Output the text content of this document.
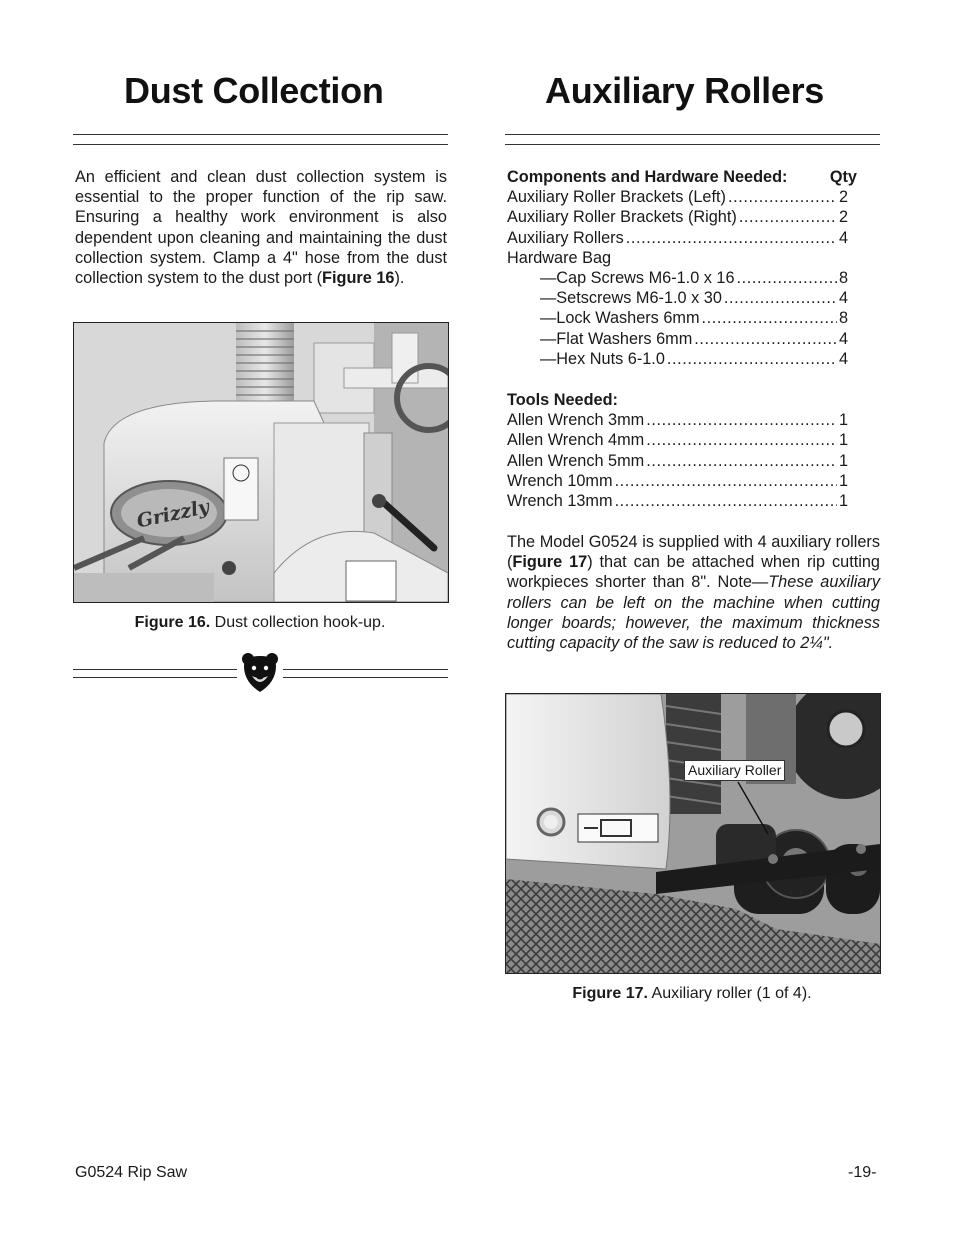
Dust Collection	Auxiliary Rollers
An efficient and clean dust collection system is essential to the proper function of the rip saw. Ensuring a healthy work environment is also dependent upon cleaning and maintaining the dust collection system. Clamp a 4" hose from the dust collection system to the dust port (Figure 16).
Grizzly
Figure 16. Dust collection hook-up.
Components and Hardware Needed:	Qty
Auxiliary Roller Brackets (Left) .....	2
Auxiliary Roller Brackets (Right) .....	2
Auxiliary Rollers .....	4
Hardware Bag
—Cap Screws M6-1.0 x 16 .....	8
—Setscrews M6-1.0 x 30 .....	4
—Lock Washers 6mm .....	8
—Flat Washers 6mm .....	4
—Hex Nuts 6-1.0 .....	4
Tools Needed:
Allen Wrench 3mm .....	1
Allen Wrench 4mm .....	1
Allen Wrench 5mm .....	1
Wrench 10mm .....	1
Wrench 13mm .....	1
The Model G0524 is supplied with 4 auxiliary rollers (Figure 17) that can be attached when rip cutting workpieces shorter than 8". Note—These auxiliary rollers can be left on the machine when cutting longer boards; however, the maximum thickness cutting capacity of the saw is reduced to 2¼".
Auxiliary Roller
Figure 17. Auxiliary roller (1 of 4).
G0524 Rip Saw	-19-
